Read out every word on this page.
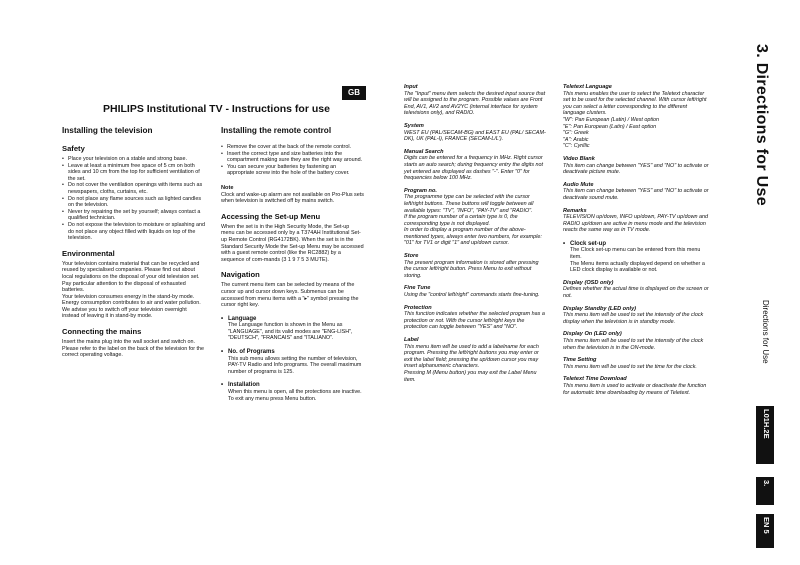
GB
PHILIPS Institutional TV - Instructions for use
Installing the television
Safety
• Place your television on a stable and strong base.
• Leave at least a minimum free space of 5 cm on both sides and 10 cm from the top for sufficient ventilation of the set.
• Do not cover the ventilation openings with items such as newspapers, cloths, curtains, etc.
• Do not place any flame sources such as lighted candles on the television.
• Never try repairing the set by yourself; always contact a qualified technician.
• Do not expose the television to moisture or splashing and do not place any object filled with liquids on top of the television.
Environmental

Your television contains material that can be recycled and reused by specialised companies. Please find out about local regulations on the disposal of your old television set.

Pay particular attention to the disposal of exhausted batteries.

Your television consumes energy in the stand-by mode.

Energy consumption contributes to air and water pollution.

We advise you to switch off your television overnight instead of leaving it in stand-by mode.

Connecting the mains

Insert the mains plug into the wall socket and switch on. Please refer to the label on the back of the television for the correct operating voltage.

Installing the remote control
• Remove the cover at the back of the remote control.
• Insert the correct type and size batteries into the compartment making sure they are the right way around.
• You can secure your batteries by fastening an appropriate screw into the hole of the battery cover.
Note

Clock and wake-up alarm are not available on Pro-Plus sets when television is switched off by mains switch.

Accessing the Set-up Menu

When the set is in the High Security Mode, the Set-up menu can be accessed only by a T374AH Institutional Set-up Remote Control (RG4172BK). When the set is in the Standard Security Mode the Set-up Menu may be accessed with a guest remote control (like the RC2882) by a sequence of com-mands (3 1 9 7 5 3 MUTE).

Navigation

The current menu item can be selected by means of the cursor up and cursor down keys. Submenus can be accessed from menu items with a "▸" symbol pressing the cursor right key.

• Language

The Language function is shown in the Menu as "LANGUAGE", and its valid modes are "ENG-LISH", "DEUTSCH", "FRANCAIS" and "ITALIANO".

• No. of Programs

This sub menu allows setting the number of television, PAY-TV Radio and Info programs. The overall maximum number of programs is 125.

• Installation

When this menu is open, all the protections are inactive. To exit any menu press Menu button.

Input

The "Input" menu item selects the desired input source that will be assigned to the program. Possible values are Front End, AV1, AV2 and AV2YC (internal interface for system televisions only), and RADIO.

System

WEST EU (PAL/SECAM-BG) and EAST EU (PAL/ SECAM-DK), UK (PAL-I), FRANCE (SECAM-L/L').

Manual Search

Digits can be entered for a frequency in MHz. Right cursor starts an auto search; during frequency entry the digits not yet entered are displayed as dashes "-". Enter "0" for frequencies below 100 MHz.

Program no.

The programme type can be selected with the cursor left/right buttons. These buttons will toggle between all available types: "TV", "INFO", "PAY-TV" and "RADIO".

If the program number of a certain type is 0, the corresponding type is not displayed.

In order to display a program number of the above-mentioned types, always enter two numbers, for example: "01" for TV1 or digit "1" and up/down cursor.

Store

The present program information is stored after pressing the cursor left/right button. Press Menu to exit without storing.

Fine Tune

Using the "control left/right" commands starts fine-tuning.

Protection

This function indicates whether the selected program has a protection or not. With the cursor left/right keys the protection can toggle between "YES" and "NO".

Label

This menu item will be used to add a labelname for each program. Pressing the left/right buttons you may enter or exit the label field; pressing the up/down cursor you may insert alphanumeric characters.

Pressing M (Menu button) you may exit the Label Menu item.

Teletext Language

This menu enables the user to select the Teletext character set to be used for the selected channel. With cursor left/right you can select a letter corresponding to the different language clusters.

"W": Pan European (Latin) / West option

"E": Pan European (Latin) / East option

"G": Greek

"A": Arabic

"C": Cyrillic

Video Blank

This item can change between "YES" and "NO" to activate or deactivate picture mute.

Audio Mute

This item can change between "YES" and "NO" to activate or deactivate sound mute.

Remarks

TELEVISION up/down, INFO up/down, PAY-TV up/down and RADIO up/down are active in menu mode and the television reacts the same way as in TV mode.

• Clock set-up

The Clock set-up menu can be entered from this menu item.

The Menu items actually displayed depend on whether a LED clock display is available or not.

Display (OSD only)

Defines whether the actual time is displayed on the screen or not.

Display Standby (LED only)

This menu item will be used to set the intensity of the clock display when the television is in standby mode.

Display On (LED only)

This menu item will be used to set the intensity of the clock when the television is in the ON-mode.

Time Setting

This menu item will be used to set the time for the clock.

Teletext Time Download

This menu item is used to activate or deactivate the function for automatic time downloading by means of Teletext.

3. Directions for Use
Directions for Use
L01H.2E
3.
EN 5
